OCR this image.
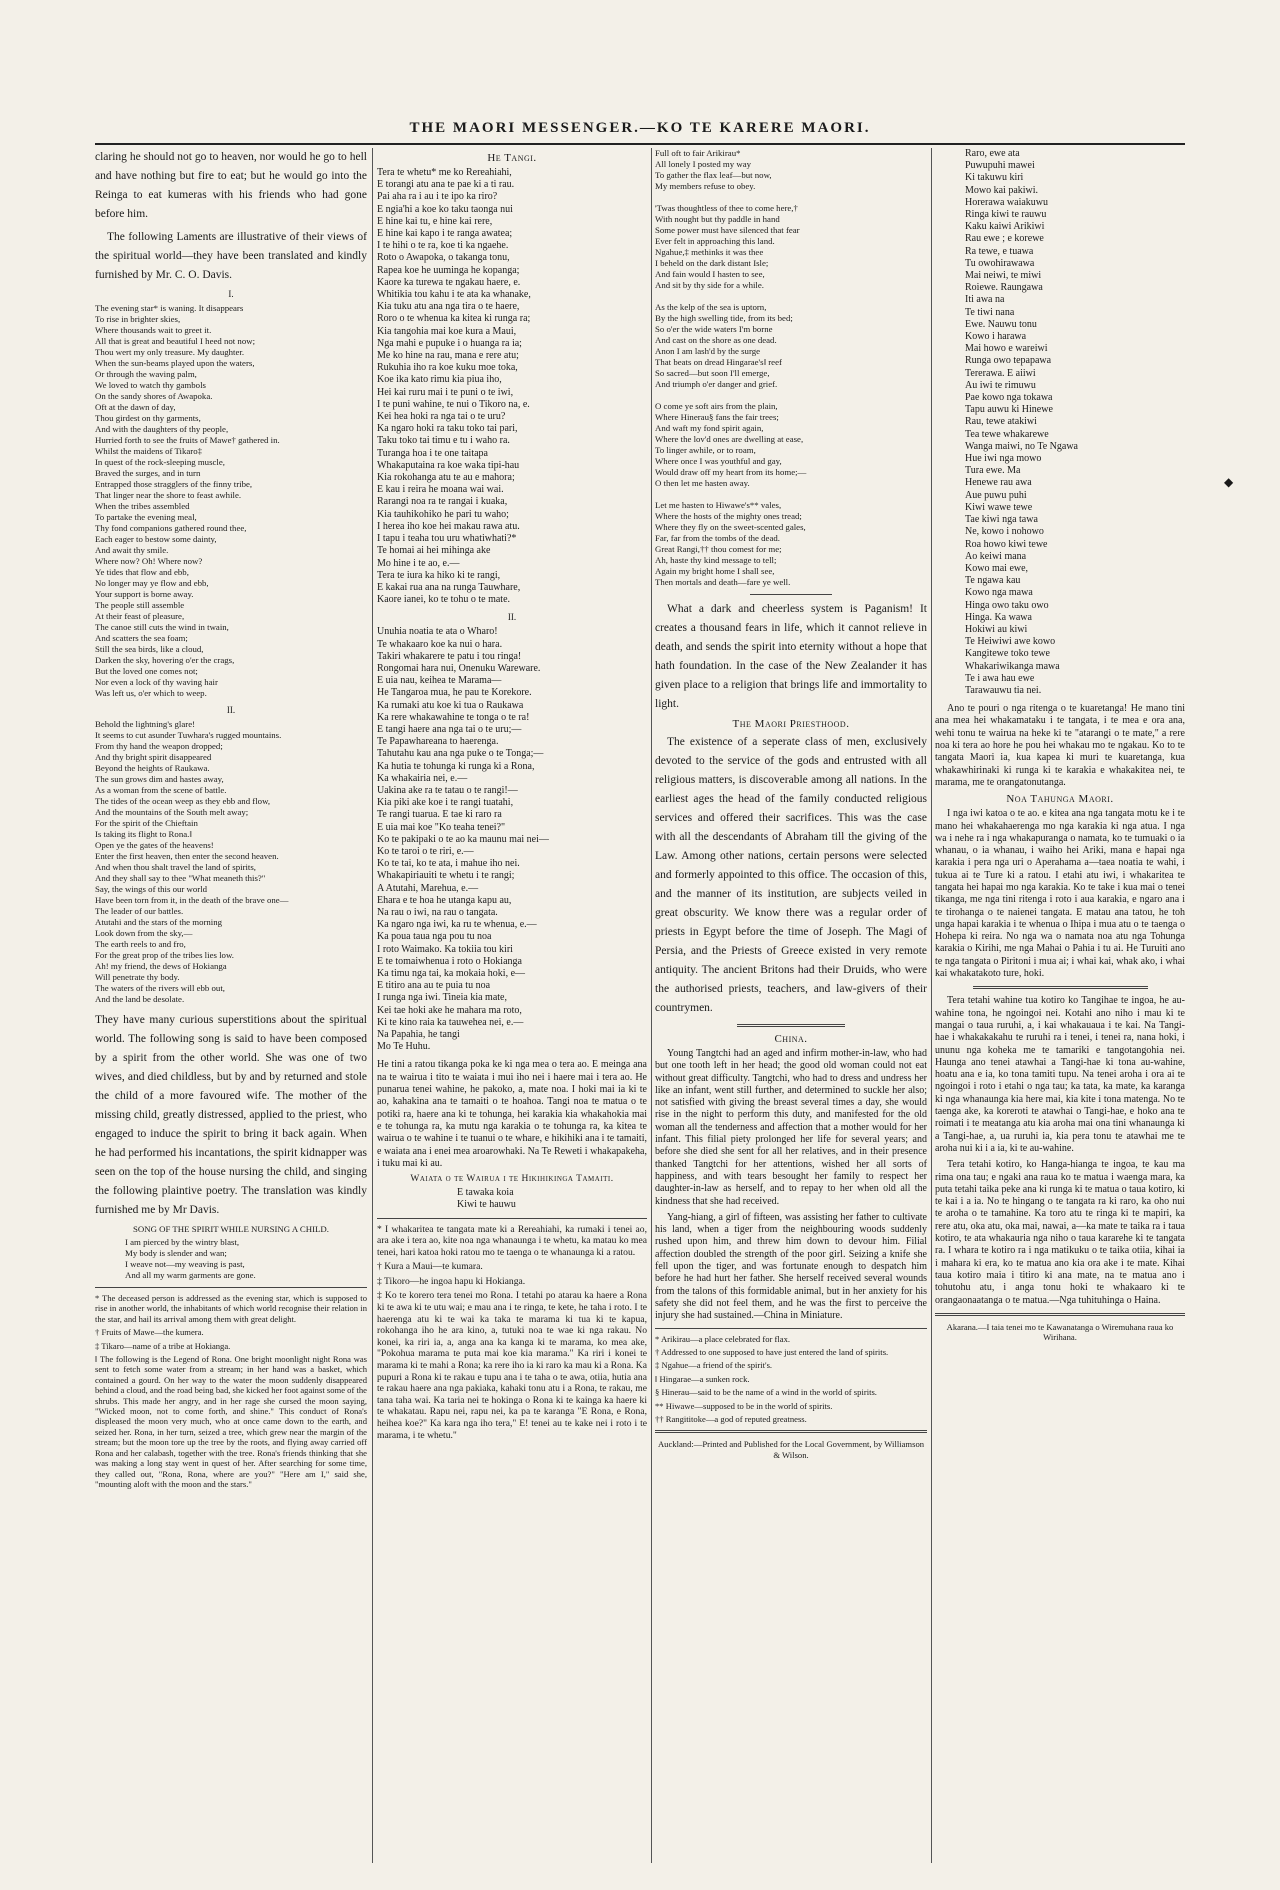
THE MAORI MESSENGER.—KO TE KARERE MAORI.

claring he should not go to heaven, nor would he go to hell and have nothing but fire to eat; but he would go into the Reinga to eat kumeras with his friends who had gone before him.

The following Laments are illustrative of their views of the spiritual world—they have been translated and kindly furnished by Mr. C. O. Davis.

I.
The evening star* is waning. It disappears
To rise in brighter skies,
Where thousands wait to greet it.
All that is great and beautiful I heed not now;
Thou wert my only treasure. My daughter.
When the sun-beams played upon the waters,
Or through the waving palm,
We loved to watch thy gambols
On the sandy shores of Awapoka.
Oft at the dawn of day,
Thou girdest on thy garments,
And with the daughters of thy people,
Hurried forth to see the fruits of Mawe† gathered in.
Whilst the maidens of Tikaro‡
In quest of the rock-sleeping muscle,
Braved the surges, and in turn
Entrapped those stragglers of the finny tribe,
That linger near the shore to feast awhile.
When the tribes assembled
To partake the evening meal,
Thy fond companions gathered round thee,
Each eager to bestow some dainty,
And await thy smile.
Where now? Oh! Where now?
Ye tides that flow and ebb,
No longer may ye flow and ebb,
Your support is borne away.
The people still assemble
At their feast of pleasure,
The canoe still cuts the wind in twain,
And scatters the sea foam;
Still the sea birds, like a cloud,
Darken the sky, hovering o'er the crags,
But the loved one comes not;
Nor even a lock of thy waving hair
Was left us, o'er which to weep.
II.
Behold the lightning's glare!
It seems to cut asunder Tuwhara's rugged mountains.
From thy hand the weapon dropped;
And thy bright spirit disappeared
Beyond the heights of Raukawa.
The sun grows dim and hastes away,
As a woman from the scene of battle.
The tides of the ocean weep as they ebb and flow,
And the mountains of the South melt away;
For the spirit of the Chieftain
Is taking its flight to Rona.‖
Open ye the gates of the heavens!
Enter the first heaven, then enter the second heaven.
And when thou shalt travel the land of spirits,
And they shall say to thee "What meaneth this?"
Say, the wings of this our world
Have been torn from it, in the death of the brave one—
The leader of our battles.
Atutahi and the stars of the morning
Look down from the sky,—
The earth reels to and fro,
For the great prop of the tribes lies low.
Ah! my friend, the dews of Hokianga
Will penetrate thy body.
The waters of the rivers will ebb out,
And the land be desolate.

They have many curious superstitions about the spiritual world. The following song is said to have been composed by a spirit from the other world. She was one of two wives, and died childless, but by and by returned and stole the child of a more favoured wife. The mother of the missing child, greatly distressed, applied to the priest, who engaged to induce the spirit to bring it back again. When he had performed his incantations, the spirit kidnapper was seen on the top of the house nursing the child, and singing the following plaintive poetry. The translation was kindly furnished me by Mr Davis.

SONG OF THE SPIRIT WHILE NURSING A CHILD.
I am pierced by the wintry blast,
My body is slender and wan;
I weave not—my weaving is past,
And all my warm garments are gone.

* The deceased person is addressed as the evening star, which is supposed to rise in another world, the inhabitants of which world recognise their relation in the star, and hail its arrival among them with great delight.

† Fruits of Mawe—the kumera.

‡ Tikaro—name of a tribe at Hokianga.

‖ The following is the Legend of Rona. One bright moonlight night Rona was sent to fetch some water from a stream; in her hand was a basket, which contained a gourd. On her way to the water the moon suddenly disappeared behind a cloud, and the road being bad, she kicked her foot against some of the shrubs. This made her angry, and in her rage she cursed the moon saying, "Wicked moon, not to come forth, and shine." This conduct of Rona's displeased the moon very much, who at once came down to the earth, and seized her. Rona, in her turn, seized a tree, which grew near the margin of the stream; but the moon tore up the tree by the roots, and flying away carried off Rona and her calabash, together with the tree. Rona's friends thinking that she was making a long stay went in quest of her. After searching for some time, they called out, "Rona, Rona, where are you?" "Here am I," said she, "mounting aloft with the moon and the stars."

He Tangi.
Tera te whetu* me ko Rereahiahi,
E torangi atu ana te pae ki a ti rau.
Pai aha ra i au i te ipo ka riro?
E ngia'hi a koe ko taku taonga nui
E hine kai tu, e hine kai rere,
E hine kai kapo i te ranga awatea;
I te hihi o te ra, koe ti ka ngaehe.
Roto o Awapoka, o takanga tonu,
Rapea koe he uuminga he kopanga;
Kaore ka turewa te ngakau haere, e.
Whitikia tou kahu i te ata ka whanake,
Kia tuku atu ana nga tira o te haere,
Roro o te whenua ka kitea ki runga ra;
Kia tangohia mai koe kura a Maui,
Nga mahi e pupuke i o huanga ra ia;
Me ko hine na rau, mana e rere atu;
Rukuhia iho ra koe kuku moe toka,
Koe ika kato rimu kia piua iho,
Hei kai ruru mai i te puni o te iwi,
I te puni wahine, te nui o Tikoro na, e.
Kei hea hoki ra nga tai o te uru?
Ka ngaro hoki ra taku toko tai pari,
Taku toko tai timu e tu i waho ra.
Turanga hoa i te one taitapa
Whakaputaina ra koe waka tipi-hau
Kia rokohanga atu te au e mahora;
E kau i reira he moana wai wai.
Rarangi noa ra te rangai i kuaka,
Kia tauhikohiko he pari tu waho;
I herea iho koe hei makau rawa atu.
I tapu i teaha tou uru whatiwhati?*
Te homai ai hei mihinga ake
Mo hine i te ao, e.—
Tera te iura ka hiko ki te rangi,
E kakai rua ana na runga Tauwhare,
Kaore ianei, ko te tohu o te mate.
II.
Unuhia noatia te ata o Wharo!
Te whakaaro koe ka nui o hara.
Takiri whakarere te patu i tou ringa!
Rongomai hara nui, Onenuku Wareware.
E uia nau, keihea te Marama—
He Tangaroa mua, he pau te Korekore.
Ka rumaki atu koe ki tua o Raukawa
Ka rere whakawahine te tonga o te ra!
E tangi haere ana nga tai o te uru;—
Te Papawhareana to haerenga.
Tahutahu kau ana nga puke o te Tonga;—
Ka hutia te tohunga ki runga ki a Rona,
Ka whakairia nei, e.—
Uakina ake ra te tatau o te rangi!—
Kia piki ake koe i te rangi tuatahi,
Te rangi tuarua. E tae ki raro ra
E uia mai koe "Ko teaha tenei?"
Ko te pakipaki o te ao ka maunu mai nei—
Ko te taroi o te riri, e.—
Ko te tai, ko te ata, i mahue iho nei.
Whakapiriauiti te whetu i te rangi;
A Atutahi, Marehua, e.—
Ehara e te hoa he utanga kapu au,
Na rau o iwi, na rau o tangata.
Ka ngaro nga iwi, ka ru te whenua, e.—
Ka poua taua nga pou tu noa
I roto Waimako. Ka tokiia tou kiri
E te tomaiwhenua i roto o Hokianga
Ka timu nga tai, ka mokaia hoki, e—
E titiro ana au te puia tu noa
I runga nga iwi. Tineia kia mate,
Kei tae hoki ake he mahara ma roto,
Ki te kino raia ka tauwehea nei, e.—
Na Papahia, he tangi
Mo Te Huhu.

He tini a ratou tikanga poka ke ki nga mea o tera ao. E meinga ana na te wairua i tito te waiata i mui iho nei i haere mai i tera ao. He punarua tenei wahine, he pakoko, a, mate noa. I hoki mai ia ki te ao, kahakina ana te tamaiti o te hoahoa. Tangi noa te matua o te potiki ra, haere ana ki te tohunga, hei karakia kia whakahokia mai e te tohunga ra, ka mutu nga karakia o te tohunga ra, ka kitea te wairua o te wahine i te tuanui o te whare, e hikihiki ana i te tamaiti, e waiata ana i enei mea aroarowhaki. Na Te Reweti i whakapakeha, i tuku mai ki au.

Waiata o te Wairua i te Hikihikinga Tamaiti.
E tawaka koia
Kiwi te hauwu

* I whakaritea te tangata mate ki a Rereahiahi, ka rumaki i tenei ao, ara ake i tera ao, kite noa nga whanaunga i te whetu, ka matau ko mea tenei, hari katoa hoki ratou mo te taenga o te whanaunga ki a ratou.

† Kura a Maui—te kumara.

‡ Tikoro—he ingoa hapu ki Hokianga.

‡ Ko te korero tera tenei mo Rona. I tetahi po atarau ka haere a Rona ki te awa ki te utu wai; e mau ana i te ringa, te kete, he taha i roto. I te haerenga atu ki te wai ka taka te marama ki tua ki te kapua, rokohanga iho he ara kino, a, tutuki noa te wae ki nga rakau. No konei, ka riri ia, a, anga ana ka kanga ki te marama, ko mea ake, "Pokohua marama te puta mai koe kia marama." Ka riri i konei te marama ki te mahi a Rona; ka rere iho ia ki raro ka mau ki a Rona. Ka pupuri a Rona ki te rakau e tupu ana i te taha o te awa, otiia, hutia ana te rakau haere ana nga pakiaka, kahaki tonu atu i a Rona, te rakau, me tana taha wai. Ka taria nei te hokinga o Rona ki te kainga ka haere ki te whakatau. Rapu nei, rapu nei, ka pa te karanga "E Rona, e Rona, heihea koe?" Ka kara nga iho tera," E! tenei au te kake nei i roto i te marama, i te whetu."

Full oft to fair Arikirau*
All lonely I posted my way
To gather the flax leaf—but now,
My members refuse to obey.

'Twas thoughtless of thee to come here,†
With nought but thy paddle in hand
Some power must have silenced that fear
Ever felt in approaching this land.
Ngahue,‡ methinks it was thee
I beheld on the dark distant Isle;
And fain would I hasten to see,
And sit by thy side for a while.

As the kelp of the sea is uptorn,
By the high swelling tide, from its bed;
So o'er the wide waters I'm borne
And cast on the shore as one dead.
Anon I am lash'd by the surge
That beats on dread Hingarae's‖ reef
So sacred—but soon I'll emerge,
And triumph o'er danger and grief.

O come ye soft airs from the plain,
Where Hinerau§ fans the fair trees;
And waft my fond spirit again,
Where the lov'd ones are dwelling at ease,
To linger awhile, or to roam,
Where once I was youthful and gay,
Would draw off my heart from its home;—
O then let me hasten away.

Let me hasten to Hiwawe's** vales,
Where the hosts of the mighty ones tread;
Where they fly on the sweet-scented gales,
Far, far from the tombs of the dead.
Great Rangi,†† thou comest for me;
Ah, haste thy kind message to tell;
Again my bright home I shall see,
Then mortals and death—fare ye well.

What a dark and cheerless system is Paganism! It creates a thousand fears in life, which it cannot relieve in death, and sends the spirit into eternity without a hope that hath foundation. In the case of the New Zealander it has given place to a religion that brings life and immortality to light.

The Maori Priesthood.

The existence of a seperate class of men, exclusively devoted to the service of the gods and entrusted with all religious matters, is discoverable among all nations. In the earliest ages the head of the family conducted religious services and offered their sacrifices. This was the case with all the descendants of Abraham till the giving of the Law. Among other nations, certain persons were selected and formerly appointed to this office. The occasion of this, and the manner of its institution, are subjects veiled in great obscurity. We know there was a regular order of priests in Egypt before the time of Joseph. The Magi of Persia, and the Priests of Greece existed in very remote antiquity. The ancient Britons had their Druids, who were the authorised priests, teachers, and law-givers of their countrymen.

China.

Young Tangtchi had an aged and infirm mother-in-law, who had but one tooth left in her head; the good old woman could not eat without great difficulty. Tangtchi, who had to dress and undress her like an infant, went still further, and determined to suckle her also; not satisfied with giving the breast several times a day, she would rise in the night to perform this duty, and manifested for the old woman all the tenderness and affection that a mother would for her infant. This filial piety prolonged her life for several years; and before she died she sent for all her relatives, and in their presence thanked Tangtchi for her attentions, wished her all sorts of happiness, and with tears besought her family to respect her daughter-in-law as herself, and to repay to her when old all the kindness that she had received.

Yang-hiang, a girl of fifteen, was assisting her father to cultivate his land, when a tiger from the neighbouring woods suddenly rushed upon him, and threw him down to devour him. Filial affection doubled the strength of the poor girl. Seizing a knife she fell upon the tiger, and was fortunate enough to despatch him before he had hurt her father. She herself received several wounds from the talons of this formidable animal, but in her anxiety for his safety she did not feel them, and he was the first to perceive the injury she had sustained.—China in Miniature.

* Arikirau—a place celebrated for flax.

† Addressed to one supposed to have just entered the land of spirits.

‡ Ngahue—a friend of the spirit's.

‖ Hingarae—a sunken rock.

§ Hinerau—said to be the name of a wind in the world of spirits.

** Hiwawe—supposed to be in the world of spirits.

†† Rangititoke—a god of reputed greatness.

Auckland:—Printed and Published for the Local Government, by Williamson & Wilson.
Raro, ewe ata
Puwupuhi mawei
Ki takuwu kiri
Mowo kai pakiwi.
Horerawa waiakuwu
Ringa kiwi te rauwu
Kaku kaiwi Arikiwi
Rau ewe ; e korewe
Ra tewe, e tuawa
Tu owohirawawa
Mai neiwi, te miwi
Roiewe. Raungawa
Iti awa na
Te tiwi nana
Ewe. Nauwu tonu
Kowo i harawa
Mai howo e wareiwi
Runga owo tepapawa
Tererawa. E aiiwi
Au iwi te rimuwu
Pae kowo nga tokawa
Tapu auwu ki Hinewe
Rau, tewe atakiwi
Tea tewe whakarewe
Wanga maiwi, no Te Ngawa
Hue iwi nga mowo
Tura ewe. Ma
Henewe rau awa
Aue puwu puhi
Kiwi wawe tewe
Tae kiwi nga tawa
Ne, kowo i nohowo
Roa howo kiwi tewe
Ao keiwi mana
Kowo mai ewe,
Te ngawa kau
Kowo nga mawa
Hinga owo taku owo
Hinga. Ka wawa
Hokiwi au kiwi
Te Heiwiwi awe kowo
Kangitewe toko tewe
Whakariwikanga mawa
Te i awa hau ewe
Tarawauwu tia nei.

Ano te pouri o nga ritenga o te kuaretanga! He mano tini ana mea hei whakamataku i te tangata, i te mea e ora ana, wehi tonu te wairua na heke ki te "atarangi o te mate," a rere noa ki tera ao hore he pou hei whakau mo te ngakau. Ko to te tangata Maori ia, kua kapea ki muri te kuaretanga, kua whakawhirinaki ki runga ki te karakia e whakakitea nei, te marama, me te orangatonutanga.

Noa Tahunga Maori.

I nga iwi katoa o te ao. e kitea ana nga tangata motu ke i te mano hei whakahaerenga mo nga karakia ki nga atua. I nga wa i nehe ra i nga whakapuranga o namata, ko te tumuaki o ia whanau, o ia whanau, i waiho hei Ariki, mana e hapai nga karakia i pera nga uri o Aperahama a—taea noatia te wahi, i tukua ai te Ture ki a ratou. I etahi atu iwi, i whakaritea te tangata hei hapai mo nga karakia. Ko te take i kua mai o tenei tikanga, me nga tini ritenga i roto i aua karakia, e ngaro ana i te tirohanga o te naienei tangata. E matau ana tatou, he toh unga hapai karakia i te whenua o Ihipa i mua atu o te taenga o Hohepa ki reira. No nga wa o namata noa atu nga Tohunga karakia o Kirihi, me nga Mahai o Pahia i tu ai. He Turuiti ano te nga tangata o Piritoni i mua ai; i whai kai, whak ako, i whai kai whakatakoto ture, hoki.

Tera tetahi wahine tua kotiro ko Tangihae te ingoa, he au-wahine tona, he ngoingoi nei. Kotahi ano niho i mau ki te mangai o taua ruruhi, a, i kai whakauaua i te kai. Na Tangi-hae i whakakakahu te ruruhi ra i tenei, i tenei ra, nana hoki, i ununu nga koheka me te tamariki e tangotangohia nei. Haunga ano tenei atawhai a Tangi-hae ki tona au-wahine, hoatu ana e ia, ko tona tamiti tupu. Na tenei aroha i ora ai te ngoingoi i roto i etahi o nga tau; ka tata, ka mate, ka karanga ki nga whanaunga kia here mai, kia kite i tona matenga. No te taenga ake, ka koreroti te atawhai o Tangi-hae, e hoko ana te roimati i te meatanga atu kia aroha mai ona tini whanaunga ki a Tangi-hae, a, ua ruruhi ia, kia pera tonu te atawhai me te aroha nui ki i a ia, ki te au-wahine.

Tera tetahi kotiro, ko Hanga-hianga te ingoa, te kau ma rima ona tau; e ngaki ana raua ko te matua i waenga mara, ka puta tetahi taika peke ana ki runga ki te matua o taua kotiro, ki te kai i a ia. No te hingang o te tangata ra ki raro, ka oho nui te aroha o te tamahine. Ka toro atu te ringa ki te mapiri, ka rere atu, oka atu, oka mai, nawai, a—ka mate te taika ra i taua kotiro, te ata whakauria nga niho o taua kararehe ki te tangata ra. I whara te kotiro ra i nga matikuku o te taika otiia, kihai ia i mahara ki era, ko te matua ano kia ora ake i te mate. Kihai taua kotiro maia i titiro ki ana mate, na te matua ano i tohutohu atu, i anga tonu hoki te whakaaro ki te orangaonaatanga o te matua.—Nga tuhituhinga o Haina.

Akarana.—I taia tenei mo te Kawanatanga o Wiremuhana raua ko Wirihana.
◆
